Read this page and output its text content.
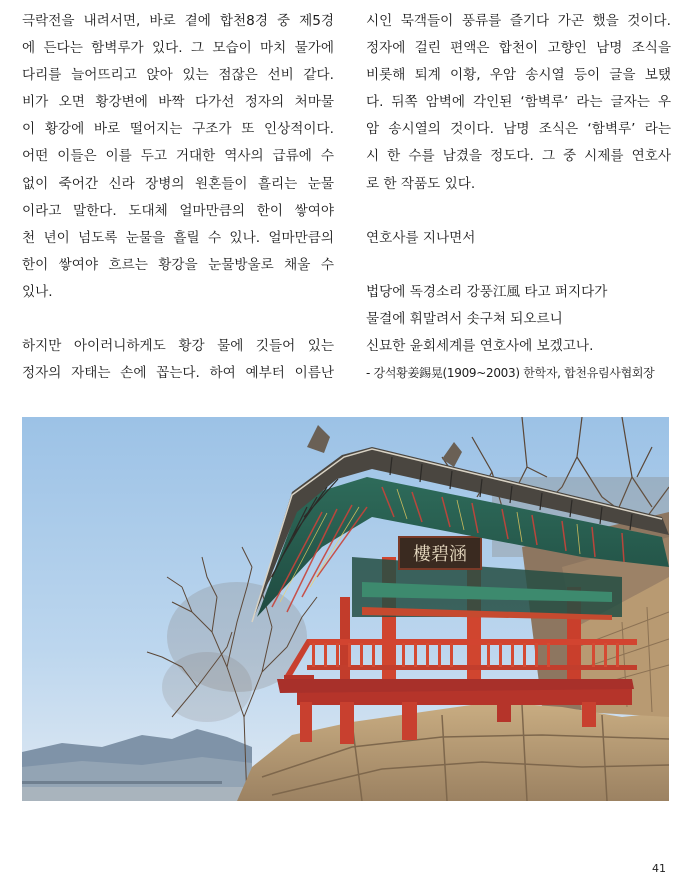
극락전을 내려서면, 바로 곁에 합천8경 중 제5경

에 든다는 함벽루가 있다. 그 모습이 마치 물가에

다리를 늘어뜨리고 앉아 있는 점잖은 선비 같다.

비가 오면 황강변에 바짝 다가선 정자의 처마물

이 황강에 바로 떨어지는 구조가 또 인상적이다.

어떤 이들은 이를 두고 거대한 역사의 급류에 수

없이 죽어간 신라 장병의 원혼들이 흘리는 눈물

이라고 말한다. 도대체 얼마만큼의 한이 쌓여야

천 년이 넘도록 눈물을 흘릴 수 있나. 얼마만큼의

한이 쌓여야 흐르는 황강을 눈물방울로 채울 수

있나.

하지만 아이러니하게도 황강 물에 깃들어 있는

정자의 자태는 손에 꼽는다. 하여 예부터 이름난

시인 묵객들이 풍류를 즐기다 가곤 했을 것이다.

정자에 걸린 편액은 합천이 고향인 남명 조식을

비롯해 퇴계 이황, 우암 송시열 등이 글을 보탰

다. 뒤쪽 암벽에 각인된 ‘함벽루’ 라는 글자는 우

암 송시열의 것이다. 남명 조식은 ‘함벽루’ 라는

시 한 수를 남겼을 정도다. 그 중 시제를 연호사

로 한 작품도 있다.

연호사를 지나면서

법당에 독경소리 강풍江風 타고 퍼지다가

물결에 휘말려서 솟구쳐 되오르니

신묘한 윤회세계를 연호사에 보겠고나.

- 강석황姜錫晃(1909~2003) 한학자, 합천유림사협회장

樓碧涵
41
